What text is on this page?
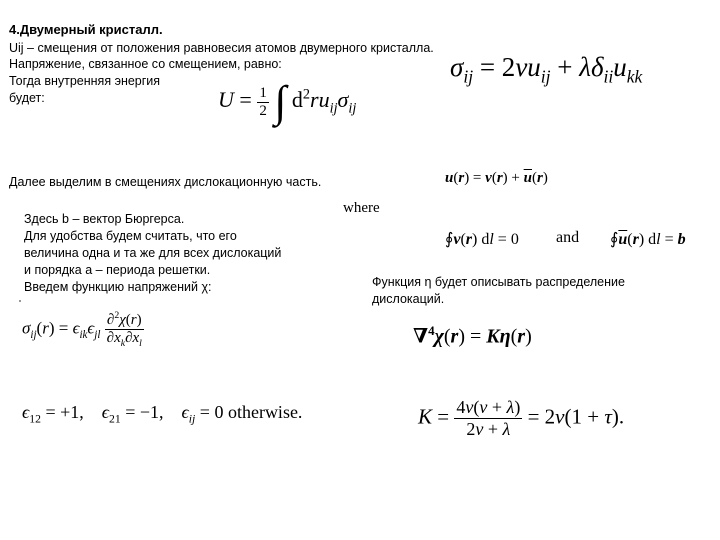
4.Двумерный кристалл.
Uij – смещения от положения равновесия атомов двумерного кристалла.
Напряжение, связанное со смещением, равно:
Тогда внутренняя энергия
будет:
$\sigma_{ij} = 2\nu u_{ij} + \lambda\delta_{ii}u_{kk}$
$U = \frac{1}{2}$ ∫ $d^2ru_{ij}\sigma_{ij}$
Далее выделим в смещениях дислокационную часть.	$u(r) = v(r) + \overline{u}(r)$
where
∮v(r) dl = 0 and $∮\overline{u}(r)$ dl = b
Здесь b – вектор Бюргерса.
Для удобства будем считать, что его
величина одна и та же для всех дислокаций
и порядка a – периода решетки.
Введем функцию напряжений χ:	Функция η будет описывать распределение
дислокаций.
$\sigma_{ij}(r) = \epsilon_{ik}\epsilon_{jl} \frac{\partial^2\chi(r)}{\partial x_k\partial x_l}$	∇$^4$χ(r) = Kη(r)
$\epsilon_{12} = +1$,    $\epsilon_{21} = -1$,    $\epsilon_{ij} = 0$ otherwise.	$K = \frac{4\nu(\nu + \lambda)}{2\nu + \lambda} = 2\nu(1 + \tau)$.
